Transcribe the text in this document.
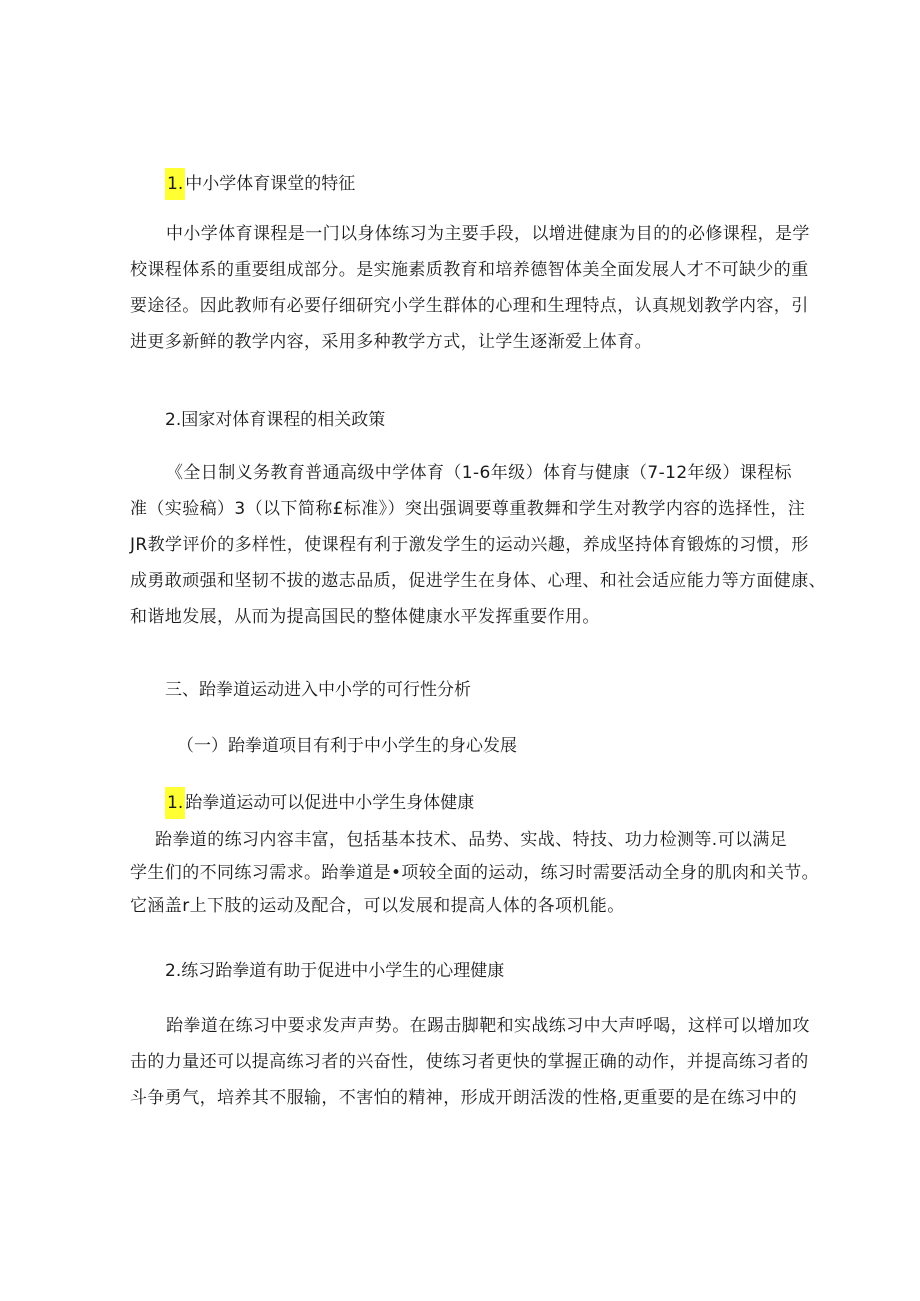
1. 中小学体育课堂的特征
中小学体育课程是一门以身体练习为主要手段，以增进健康为目的的必修课程，是学
校课程体系的重要组成部分。是实施素质教育和培养德智体美全面发展人才不可缺少的重
要途径。因此教师有必要仔细研究小学生群体的心理和生理特点，认真规划教学内容，引
进更多新鲜的教学内容，采用多种教学方式，让学生逐渐爱上体育。
2.国家对体育课程的相关政策
《全日制义务教育普通高级中学体育（1-6年级）体育与健康（7-12年级）课程标
准（实验稿）3（以下简称£标准》）突出强调要尊重教舞和学生对教学内容的选择性，注
JR教学评价的多样性，使课程有利于激发学生的运动兴趣，养成坚持体育锻炼的习惯，形
成勇敢顽强和坚韧不拔的遨志品质，促进学生在身体、心理、和社会适应能力等方面健康、
和谐地发展，从而为提高国民的整体健康水平发挥重要作用。
三、跆拳道运动进入中小学的可行性分析
（一）跆拳道项目有利于中小学生的身心发展
1. 跆拳道运动可以促进中小学生身体健康
跆拳道的练习内容丰富，包括基本技术、品势、实战、特技、功力检测等.可以满足
学生们的不同练习需求。跆拳道是•项较全面的运动，练习时需要活动全身的肌肉和关节。
它涵盖r上下肢的运动及配合，可以发展和提高人体的各项机能。
2.练习跆拳道有助于促进中小学生的心理健康
跆拳道在练习中要求发声声势。在踢击脚靶和实战练习中大声呼喝，这样可以增加攻
击的力量还可以提高练习者的兴奋性，使练习者更快的掌握正确的动作，并提高练习者的
斗争勇气，培养其不服输，不害怕的精神，形成开朗活泼的性格,更重要的是在练习中的
